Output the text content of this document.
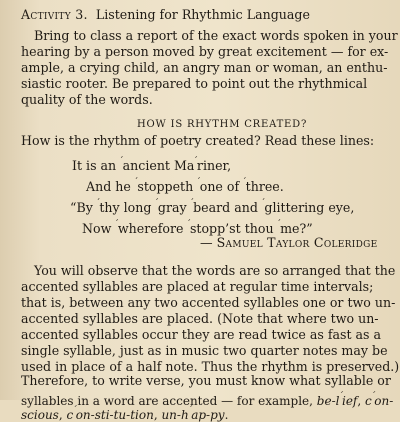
Activity 3. Listening for Rhythmic Language
Bring to class a report of the exact words spoken in your
hearing by a person moved by great excitement — for ex-
ample, a crying child, an angry man or woman, an enthu-
siastic rooter. Be prepared to point out the rhythmical
quality of the words.
HOW IS RHYTHM CREATED?
How is the rhythm of poetry created? Read these lines:
It is an ´ancient Ma´riner,
And he ´stoppeth ´one of ´three.
“By ´thy long ´gray ´beard and ´glittering eye,
Now ´wherefore ´stopp’st thou ´me?”
— Samuel Taylor Coleridge
You will observe that the words are so arranged that the
accented syllables are placed at regular time intervals;
that is, between any two accented syllables one or two un-
accented syllables are placed. (Note that where two un-
accented syllables occur they are read twice as fast as a
single syllable, just as in music two quarter notes may be
used in place of a half note. Thus the rhythm is preserved.)
Therefore, to write verse, you must know what syllable or
syllables in a word are accented — for example, be-l´ief, c´on-
scious, c´on-sti-tu-tion, un-h´ap-py.
